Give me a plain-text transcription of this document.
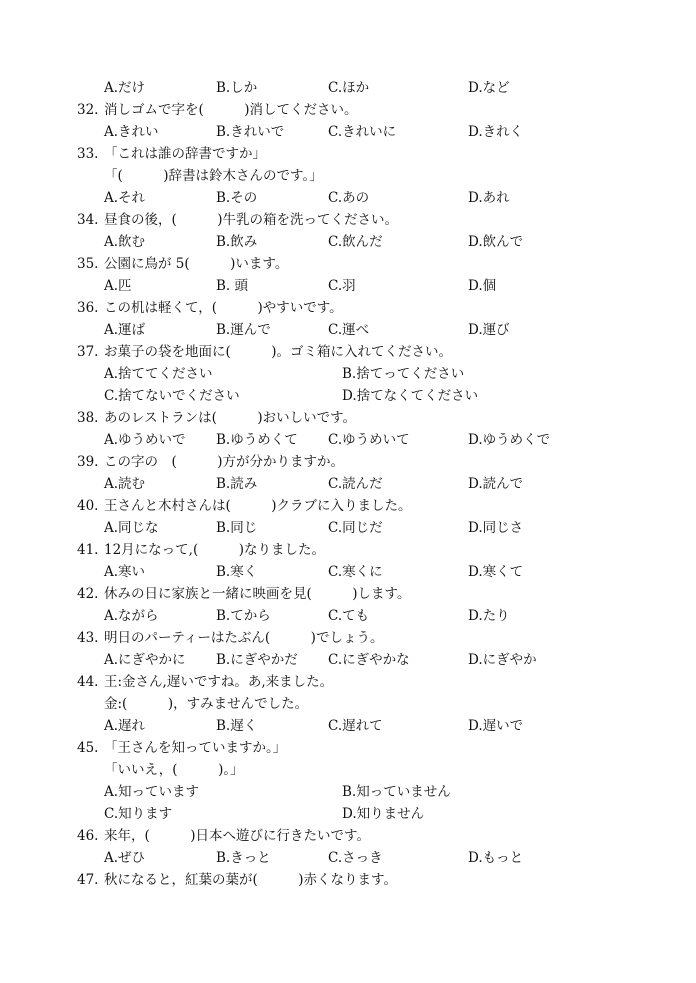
A.だけ	B.しか	C.ほか	D.など
32. 消しゴムで字を(　　　)消してください。
A.きれい	B.きれいで	C.きれいに	D.きれく
33. 「これは誰の辞書ですか」
「(　　　)辞書は鈴木さんのです。」
A.それ	B.その	C.あの	D.あれ
34. 昼食の後，(　　　)牛乳の箱を洗ってください。
A.飲む	B.飲み	C.飲んだ	D.飲んで
35. 公園に鳥が 5(　　　)います。
A.匹	B. 頭	C.羽	D.個
36. この机は軽くて，(　　　)やすいです。
A.運ば	B.運んで	C.運べ	D.運び
37. お菓子の袋を地面に(　　　)。ゴミ箱に入れてください。
A.捨ててください	B.捨てってください
C.捨てないでください	D.捨てなくてください
38. あのレストランは(　　　)おいしいです。
A.ゆうめいで B.ゆうめくて C.ゆうめいて	D.ゆうめくで
39. この字の　(　　　)方が分かりますか。
A.読む	B.読み	C.読んだ	D.読んで
40. 王さんと木村さんは(　　　)クラブに入りました。
A.同じな	B.同じ	C.同じだ	D.同じさ
41. 12月になって,(　　　)なりました。
A.寒い	B.寒く	C.寒くに	D.寒くて
42. 休みの日に家族と一緒に映画を見(　　　)します。
A.ながら	B.てから	C.ても	D.たり
43. 明日のパーティーはたぶん(　　　)でしょう。
A.にぎやかに B.にぎやかだ C.にぎやかな	D.にぎやか
44. 王:金さん,遅いですね。あ,来ました。
金:(　　　)，すみませんでした。
A.遅れ	B.遅く	C.遅れて	D.遅いで
45. 「王さんを知っていますか。」
「いいえ，(　　　)。」
A.知っています	B.知っていません
C.知ります	D.知りません
46. 来年，(　　　)日本へ遊びに行きたいです。
A.ぜひ	B.きっと	C.さっき	D.もっと
47. 秋になると，紅葉の葉が(　　　)赤くなります。
